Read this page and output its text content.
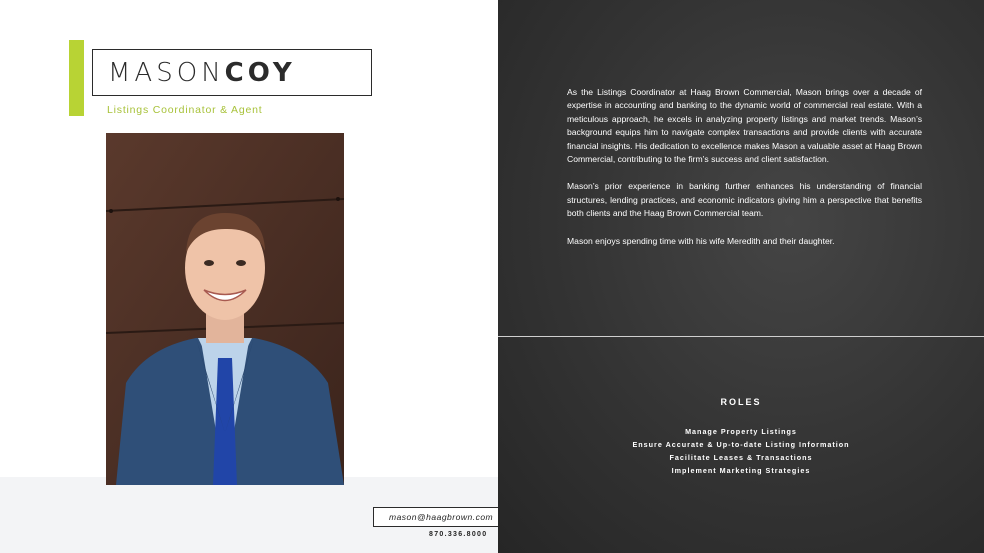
MASONCOY
Listings Coordinator & Agent
mason@haagbrown.com
870.336.8000

As the Listings Coordinator at Haag Brown Commercial, Mason brings over a decade of expertise in accounting and banking to the dynamic world of commercial real estate. With a meticulous approach, he excels in analyzing property listings and market trends. Mason’s background equips him to navigate complex transactions and provide clients with accurate financial insights. His dedication to excellence makes Mason a valuable asset at Haag Brown Commercial, contributing to the firm’s success and client satisfaction.

Mason’s prior experience in banking further enhances his understanding of financial structures, lending practices, and economic indicators giving him a perspective that benefits both clients and the Haag Brown Commercial team.

Mason enjoys spending time with his wife Meredith and their daughter.

ROLES
Manage Property Listings
Ensure Accurate & Up-to-date Listing Information
Facilitate Leases & Transactions
Implement Marketing Strategies
